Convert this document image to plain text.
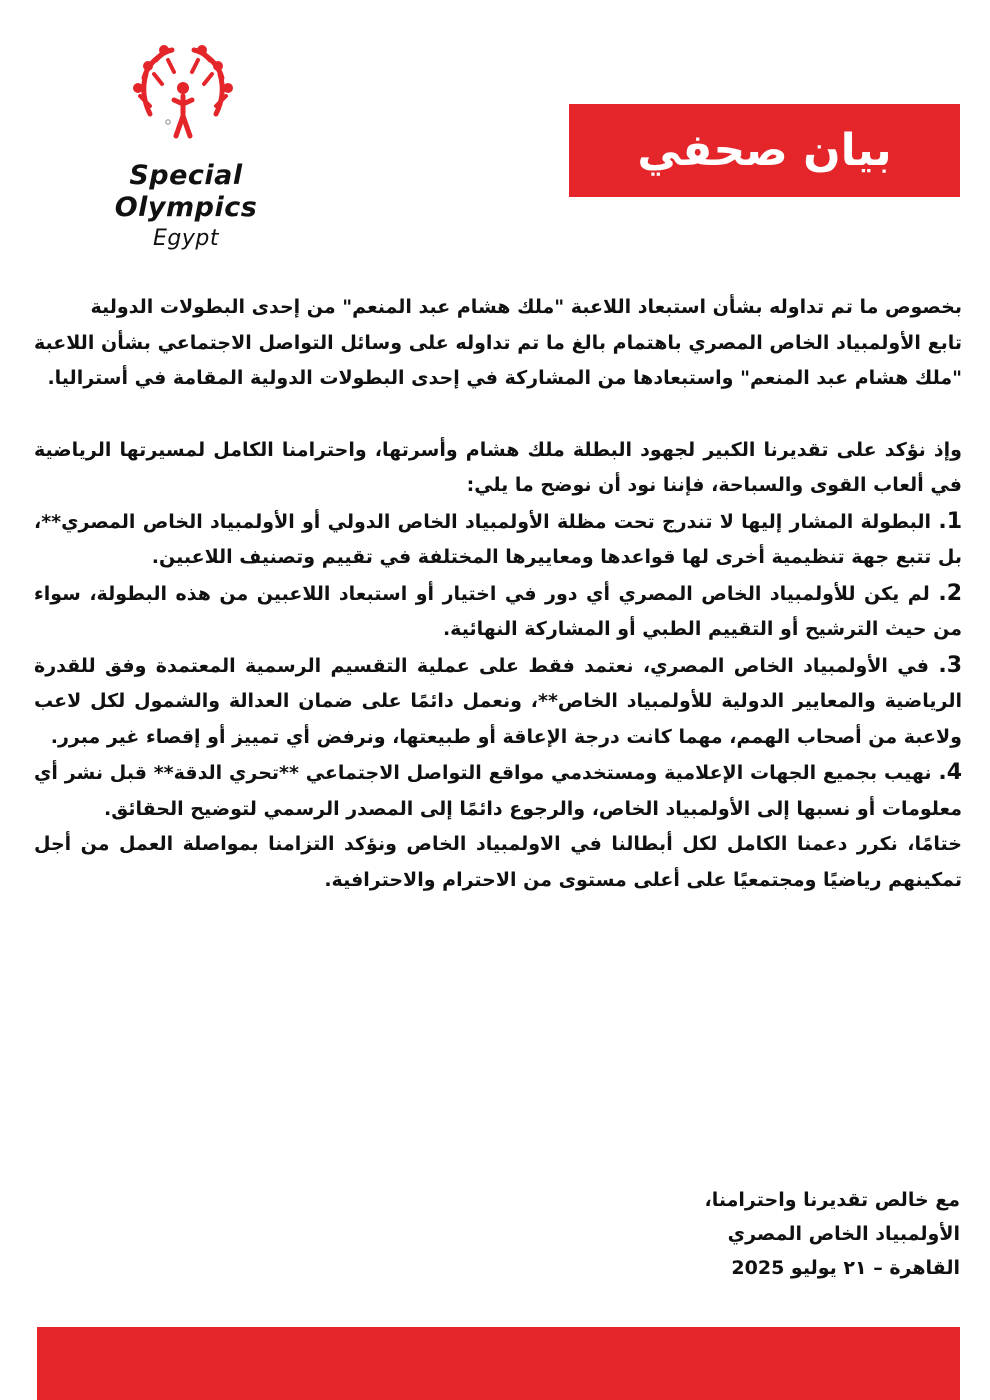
Special
Olympics
Egypt
بيان صحفي

بخصوص ما تم تداوله بشأن استبعاد اللاعبة "ملك هشام عبد المنعم" من إحدى البطولات الدولية

تابع الأولمبياد الخاص المصري باهتمام بالغ ما تم تداوله على وسائل التواصل الاجتماعي بشأن اللاعبة "ملك هشام عبد المنعم" واستبعادها من المشاركة في إحدى البطولات الدولية المقامة في أستراليا.

وإذ نؤكد على تقديرنا الكبير لجهود البطلة ملك هشام وأسرتها، واحترامنا الكامل لمسيرتها الرياضية في ألعاب القوى والسباحة، فإننا نود أن نوضح ما يلي:

1. البطولة المشار إليها لا تندرج تحت مظلة الأولمبياد الخاص الدولي أو الأولمبياد الخاص المصري**، بل تتبع جهة تنظيمية أخرى لها قواعدها ومعاييرها المختلفة في تقييم وتصنيف اللاعبين.

2. لم يكن للأولمبياد الخاص المصري أي دور في اختيار أو استبعاد اللاعبين من هذه البطولة، سواء من حيث الترشيح أو التقييم الطبي أو المشاركة النهائية.

3. في الأولمبياد الخاص المصري، نعتمد فقط على عملية التقسيم الرسمية المعتمدة وفق للقدرة الرياضية والمعايير الدولية للأولمبياد الخاص**، ونعمل دائمًا على ضمان العدالة والشمول لكل لاعب ولاعبة من أصحاب الهمم، مهما كانت درجة الإعاقة أو طبيعتها، ونرفض أي تمييز أو إقصاء غير مبرر.

4. نهيب بجميع الجهات الإعلامية ومستخدمي مواقع التواصل الاجتماعي **تحري الدقة** قبل نشر أي معلومات أو نسبها إلى الأولمبياد الخاص، والرجوع دائمًا إلى المصدر الرسمي لتوضيح الحقائق.

ختامًا، نكرر دعمنا الكامل لكل أبطالنا في الاولمبياد الخاص ونؤكد التزامنا بمواصلة العمل من أجل تمكينهم رياضيًا ومجتمعيًا على أعلى مستوى من الاحترام والاحترافية.

مع خالص تقديرنا واحترامنا،
الأولمبياد الخاص المصري
القاهرة – ٢١ يوليو 2025
